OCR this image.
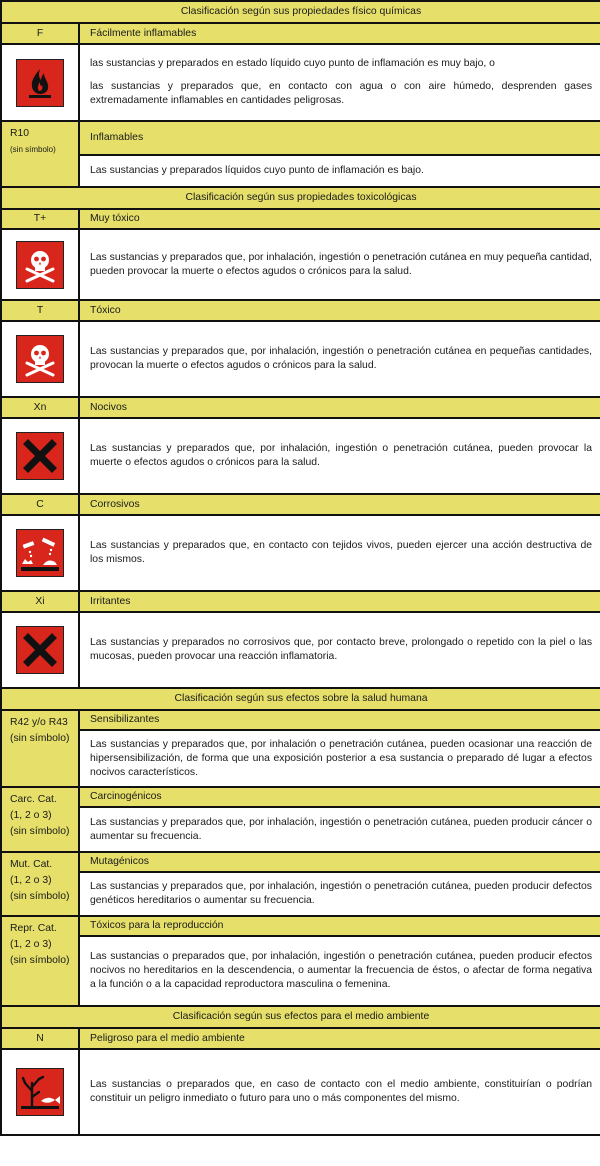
Clasificación según sus propiedades físico químicas	
F	Fácilmente inflamables

las sustancias y preparados en estado líquido cuyo punto de inflamación es muy bajo, o

las sustancias y preparados que, en contacto con agua o con aire húmedo, desprenden gases extremadamente inflamables en cantidades peligrosas.

R10
(sin símbolo)	Inflamables
	Las sustancias y preparados líquidos cuyo punto de inflamación es bajo.
Clasificación según sus propiedades toxicológicas	
T+	Muy tóxico

	Las sustancias y preparados que, por inhalación, ingestión o penetración cutánea en muy pequeña cantidad, pueden provocar la muerte o efectos agudos o crónicos para la salud.
T	Tóxico

	Las sustancias y preparados que, por inhalación, ingestión o penetración cutánea en pequeñas cantidades, provocan la muerte o efectos agudos o crónicos para la salud.
Xn	Nocivos

	Las sustancias y preparados que, por inhalación, ingestión o penetración cutánea, pueden provocar la muerte o efectos agudos o crónicos para la salud.
C	Corrosivos

	Las sustancias y preparados que, en contacto con tejidos vivos, pueden ejercer una acción destructiva de los mismos.
Xi	Irritantes

	Las sustancias y preparados no corrosivos que, por contacto breve, prolongado o repetido con la piel o las mucosas, pueden provocar una reacción inflamatoria.
Clasificación según sus efectos sobre la salud humana	

R42 y/o R43
(sin símbolo)	Sensibilizantes
	Las sustancias y preparados que, por inhalación o penetración cutánea, pueden ocasionar una reacción de hipersensibilización, de forma que una exposición posterior a esa sustancia o preparado dé lugar a efectos nocivos característicos.

Carc. Cat.
(1, 2 o 3)
(sin símbolo)	Carcinogénicos
	Las sustancias y preparados que, por inhalación, ingestión o penetración cutánea, pueden producir cáncer o aumentar su frecuencia.

Mut. Cat.
(1, 2 o 3)
(sin símbolo)	Mutagénicos
	Las sustancias y preparados que, por inhalación, ingestión o penetración cutánea, pueden producir defectos genéticos hereditarios o aumentar su frecuencia.

Repr. Cat.
(1, 2 o 3)
(sin símbolo)	Tóxicos para la reproducción
	Las sustancias o preparados que, por inhalación, ingestión o penetración cutánea, pueden producir efectos nocivos no hereditarios en la descendencia, o aumentar la frecuencia de éstos, o afectar de forma negativa a la función o a la capacidad reproductora masculina o femenina.
Clasificación según sus efectos para el medio ambiente	
N	Peligroso para el medio ambiente

	Las sustancias o preparados que, en caso de contacto con el medio ambiente, constituirían o podrían constituir un peligro inmediato o futuro para uno o más componentes del mismo.
